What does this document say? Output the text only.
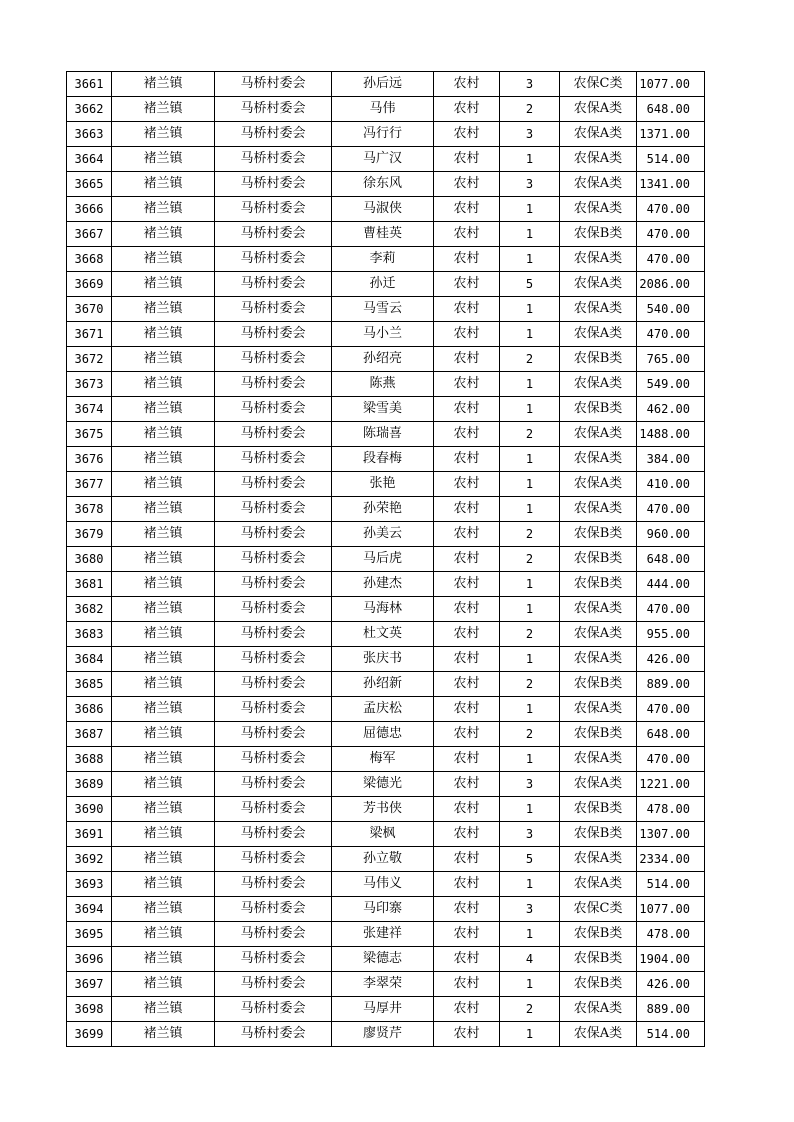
3661	褚兰镇	马桥村委会	孙后远	农村	3	农保C类	1077.00
3662	褚兰镇	马桥村委会	马伟	农村	2	农保A类	648.00
3663	褚兰镇	马桥村委会	冯行行	农村	3	农保A类	1371.00
3664	褚兰镇	马桥村委会	马广汉	农村	1	农保A类	514.00
3665	褚兰镇	马桥村委会	徐东风	农村	3	农保A类	1341.00
3666	褚兰镇	马桥村委会	马淑侠	农村	1	农保A类	470.00
3667	褚兰镇	马桥村委会	曹桂英	农村	1	农保B类	470.00
3668	褚兰镇	马桥村委会	李莉	农村	1	农保A类	470.00
3669	褚兰镇	马桥村委会	孙迁	农村	5	农保A类	2086.00
3670	褚兰镇	马桥村委会	马雪云	农村	1	农保A类	540.00
3671	褚兰镇	马桥村委会	马小兰	农村	1	农保A类	470.00
3672	褚兰镇	马桥村委会	孙绍亮	农村	2	农保B类	765.00
3673	褚兰镇	马桥村委会	陈燕	农村	1	农保A类	549.00
3674	褚兰镇	马桥村委会	梁雪美	农村	1	农保B类	462.00
3675	褚兰镇	马桥村委会	陈瑞喜	农村	2	农保A类	1488.00
3676	褚兰镇	马桥村委会	段春梅	农村	1	农保A类	384.00
3677	褚兰镇	马桥村委会	张艳	农村	1	农保A类	410.00
3678	褚兰镇	马桥村委会	孙荣艳	农村	1	农保A类	470.00
3679	褚兰镇	马桥村委会	孙美云	农村	2	农保B类	960.00
3680	褚兰镇	马桥村委会	马后虎	农村	2	农保B类	648.00
3681	褚兰镇	马桥村委会	孙建杰	农村	1	农保B类	444.00
3682	褚兰镇	马桥村委会	马海林	农村	1	农保A类	470.00
3683	褚兰镇	马桥村委会	杜文英	农村	2	农保A类	955.00
3684	褚兰镇	马桥村委会	张庆书	农村	1	农保A类	426.00
3685	褚兰镇	马桥村委会	孙绍新	农村	2	农保B类	889.00
3686	褚兰镇	马桥村委会	孟庆松	农村	1	农保A类	470.00
3687	褚兰镇	马桥村委会	屈德忠	农村	2	农保B类	648.00
3688	褚兰镇	马桥村委会	梅军	农村	1	农保A类	470.00
3689	褚兰镇	马桥村委会	梁德光	农村	3	农保A类	1221.00
3690	褚兰镇	马桥村委会	芳书侠	农村	1	农保B类	478.00
3691	褚兰镇	马桥村委会	梁枫	农村	3	农保B类	1307.00
3692	褚兰镇	马桥村委会	孙立敬	农村	5	农保A类	2334.00
3693	褚兰镇	马桥村委会	马伟义	农村	1	农保A类	514.00
3694	褚兰镇	马桥村委会	马印寨	农村	3	农保C类	1077.00
3695	褚兰镇	马桥村委会	张建祥	农村	1	农保B类	478.00
3696	褚兰镇	马桥村委会	梁德志	农村	4	农保B类	1904.00
3697	褚兰镇	马桥村委会	李翠荣	农村	1	农保B类	426.00
3698	褚兰镇	马桥村委会	马厚井	农村	2	农保A类	889.00
3699	褚兰镇	马桥村委会	廖贤芹	农村	1	农保A类	514.00
